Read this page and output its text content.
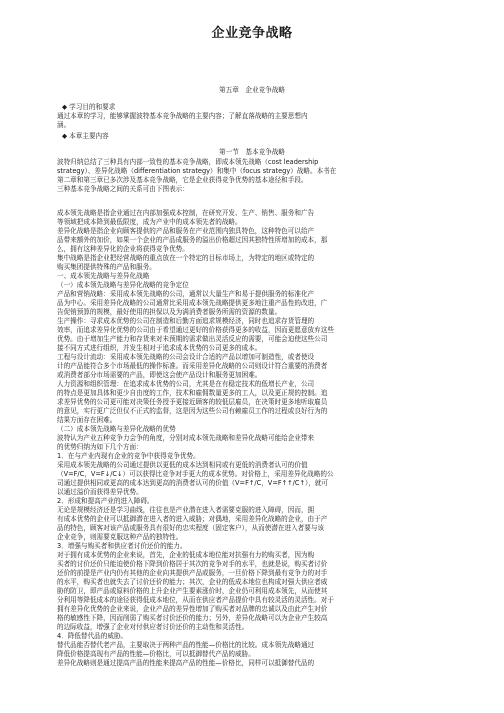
企业竞争战略
第五章　企业竞争战略
◆ 学习目的和要求
通过本章的学习，能够掌握波特基本竞争战略的主要内容；了解直落战略的主要思想内
涵。
◆ 本章主要内容
第一节　基本竞争战略
波特归纳总结了三种具有内部一致性的基本竞争战略，即成本领先战略（cost leadership
strategy）、差异化战略（differentiation strategy）和集中（focus strategy）战略。本书在
第二章和第三章已多次涉及基本竞争战略，它是企业获得竞争优势的基本途径和手段。
三种基本竞争战略之间的关系可由下图表示：
成本领先战略是指企业通过在内部加强成本控制，在研究开发、生产、销售、服务和广告
等领域把成本降到最低限度，成为产业中的成本领先者的战略。
差异化战略是指企业向顾客提供的产品和服务在产业范围内独具特色，这种特色可以给产
品带来额外的加价，如果一个企业的产品成服务的溢出价格超过因其独特性所增加的成本，那
么，拥有这种差异化的企业将获得竞争优势。
集中战略是指企业把经营战略的重点放在一个特定的目标市场上，为特定的地区或特定的
购买集团提供特殊的产品和服务。
一、成本领先战略与差异化战略
（一）成本领先战略与差异化战略的竞争定位
产品和营销战略：采用成本领先战略的公司，通常以大量生产和易于提供服务的标准化产
品为中心。采用差异化战略的公司通常比采用成本领先战略提供更多地注重产品性的改进，广
告促销预算的规模，最好使用的担保以及为满消费者服务所需的资源的数量。
生产操作：寻求成本优势的公司在制造和后勤方面追求规模经济，同时也追求存货管理的
效率，而追求差异化优势的公司由于希望通过更好的价格获得更多的收益，因而更愿意放弃这些
优势。由于增加生产能力和存货来对未预期的需求做出灵活反应的需要，可能会迫使这些公司
接不同方式进行组织，并发生相对于追求成本优势的公司更多的成本。
工程与设计流动：采用成本领先战略的公司会设计合适的产品以增加可制造性，或者使设
计的产品能符合多个市场最低的操作标准。而采用差异化战略的公司则设计符合重要的消费者
或消费者部分市场需要的产品，即使这会使产品设计和服务更加困难。
人力资源和组织管理：在追求成本优势的公司，尤其是在有稳定技术的低增长产业，公司
的特点是更加具体和更少自由度的工作，技术和雇佣数量更多的工人，以及更正规的控制。追
求差异优势的公司更可能对决策任务授予更接近顾客的较低层雇员，在决策时更多地听取雇员
的意见，实行更广泛但仅不正式的监督，这是因为这些公司有赖雇员工作的过程或良好行为的
结果方面存在困难。
（二）成本领先战略与差异化战略的优势
波特认为产业五种竞争力会争的角度，分别对成本领先战略和差异化战略可能给企业带来
的优势归纳为如下几个方面：
1．在与产业内现有企业的竞争中获得竞争优势。
采用成本领先战略的公司通过提供以更低的成本达到相同或有更低的消费者认可的价值
（V=F/C，V=F↓/C↓）可以获得比竞争对手更大的成本优势。对价格上，采用差异化战略的公
司通过提供相同或更高的成本达到更高的消费者认可的价值（V=F↑/C，V=F↑↑/C↑），就可
以通过溢价而获得差异优势。
2．形成和提高产业的进入障碍。
无论是规模经济还是学习曲线，往往也是产业潜在进入者需要克服的进入障碍，因而，拥
有成本优势的企业可以抵御潜在进入者的进入威胁；对偶地，采用差异化战略的企业，由于产
品的特色，顾客对该产品或服务具有很好的忠实程度（固定客户），从而使潜在进入者要与该
企业竞争，则需要克服这种产品的独特性。
3．增强与购买者和供应者讨价还价的能力。
对于拥有成本优势的企业来说，首先，企业的低成本地位能对抗强有力的购买者，因为购
买者的讨价还价只能迫使价格下降到价格居于其次的竞争对手的水平，也就是说，购买者讨价
还价的前提是产业内仍有其他的企业向其提供产品或服务，一旦价格下降到最有竞争力的对手
的水平，购买者也就失去了讨价还价的能力；其次，企业的低成本地位也构成对强大供应者威
胁的防卫，即产品或原料价格的上升企业产生要素涨价时，企业仍可利用成本领先，从而使其
分利用等降低成本的途径获得低成本地位，从而在供应者产品提价中具有较灵活的灵活性。对于
拥有差异化优势的企业来说，企业产品的差异性增加了购买者对品牌的忠诚以及由此产生对价
格的敏感性下降，因而削弱了购买者讨价还价的能力；另外，差异化战略可以为企业产生较高
的边际收益，增强了企业对付供应者讨价还价的主动性和灵活性。
4．降低替代品的威胁。
替代品能否替代老产品，主要取决于两种产品的性能—价格比的比较。成本领先战略通过
降低价格提高现有产品的性能—价格比，可以抵御替代产品的威胁。
差异化战略则是通过提高产品的性能来提高产品的性能—价格比，同样可以抵御替代品的
